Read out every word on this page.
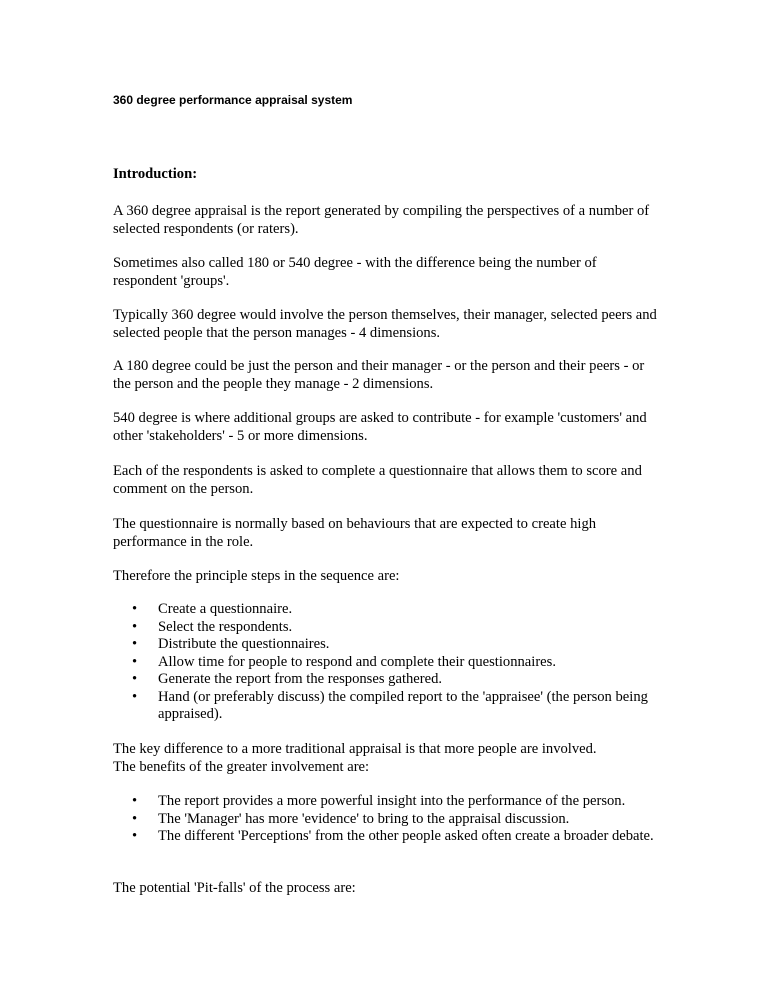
360 degree performance appraisal system

Introduction:

A 360 degree appraisal is the report generated by compiling the perspectives of a number of selected respondents (or raters).

Sometimes also called 180 or 540 degree - with the difference being the number of respondent 'groups'.

Typically 360 degree would involve the person themselves, their manager, selected peers and selected people that the person manages - 4 dimensions.

A 180 degree could be just the person and their manager - or the person and their peers - or the person and the people they manage - 2 dimensions.

540 degree is where additional groups are asked to contribute - for example 'customers' and other 'stakeholders' - 5 or more dimensions.

Each of the respondents is asked to complete a questionnaire that allows them to score and comment on the person.

The questionnaire is normally based on behaviours that are expected to create high performance in the role.

Therefore the principle steps in the sequence are:

• Create a questionnaire.
• Select the respondents.
• Distribute the questionnaires.
• Allow time for people to respond and complete their questionnaires.
• Generate the report from the responses gathered.
• Hand (or preferably discuss) the compiled report to the 'appraisee' (the person being appraised).

The key difference to a more traditional appraisal is that more people are involved.
The benefits of the greater involvement are:

• The report provides a more powerful insight into the performance of the person.
• The 'Manager' has more 'evidence' to bring to the appraisal discussion.
• The different 'Perceptions' from the other people asked often create a broader debate.

The potential 'Pit-falls' of the process are:
